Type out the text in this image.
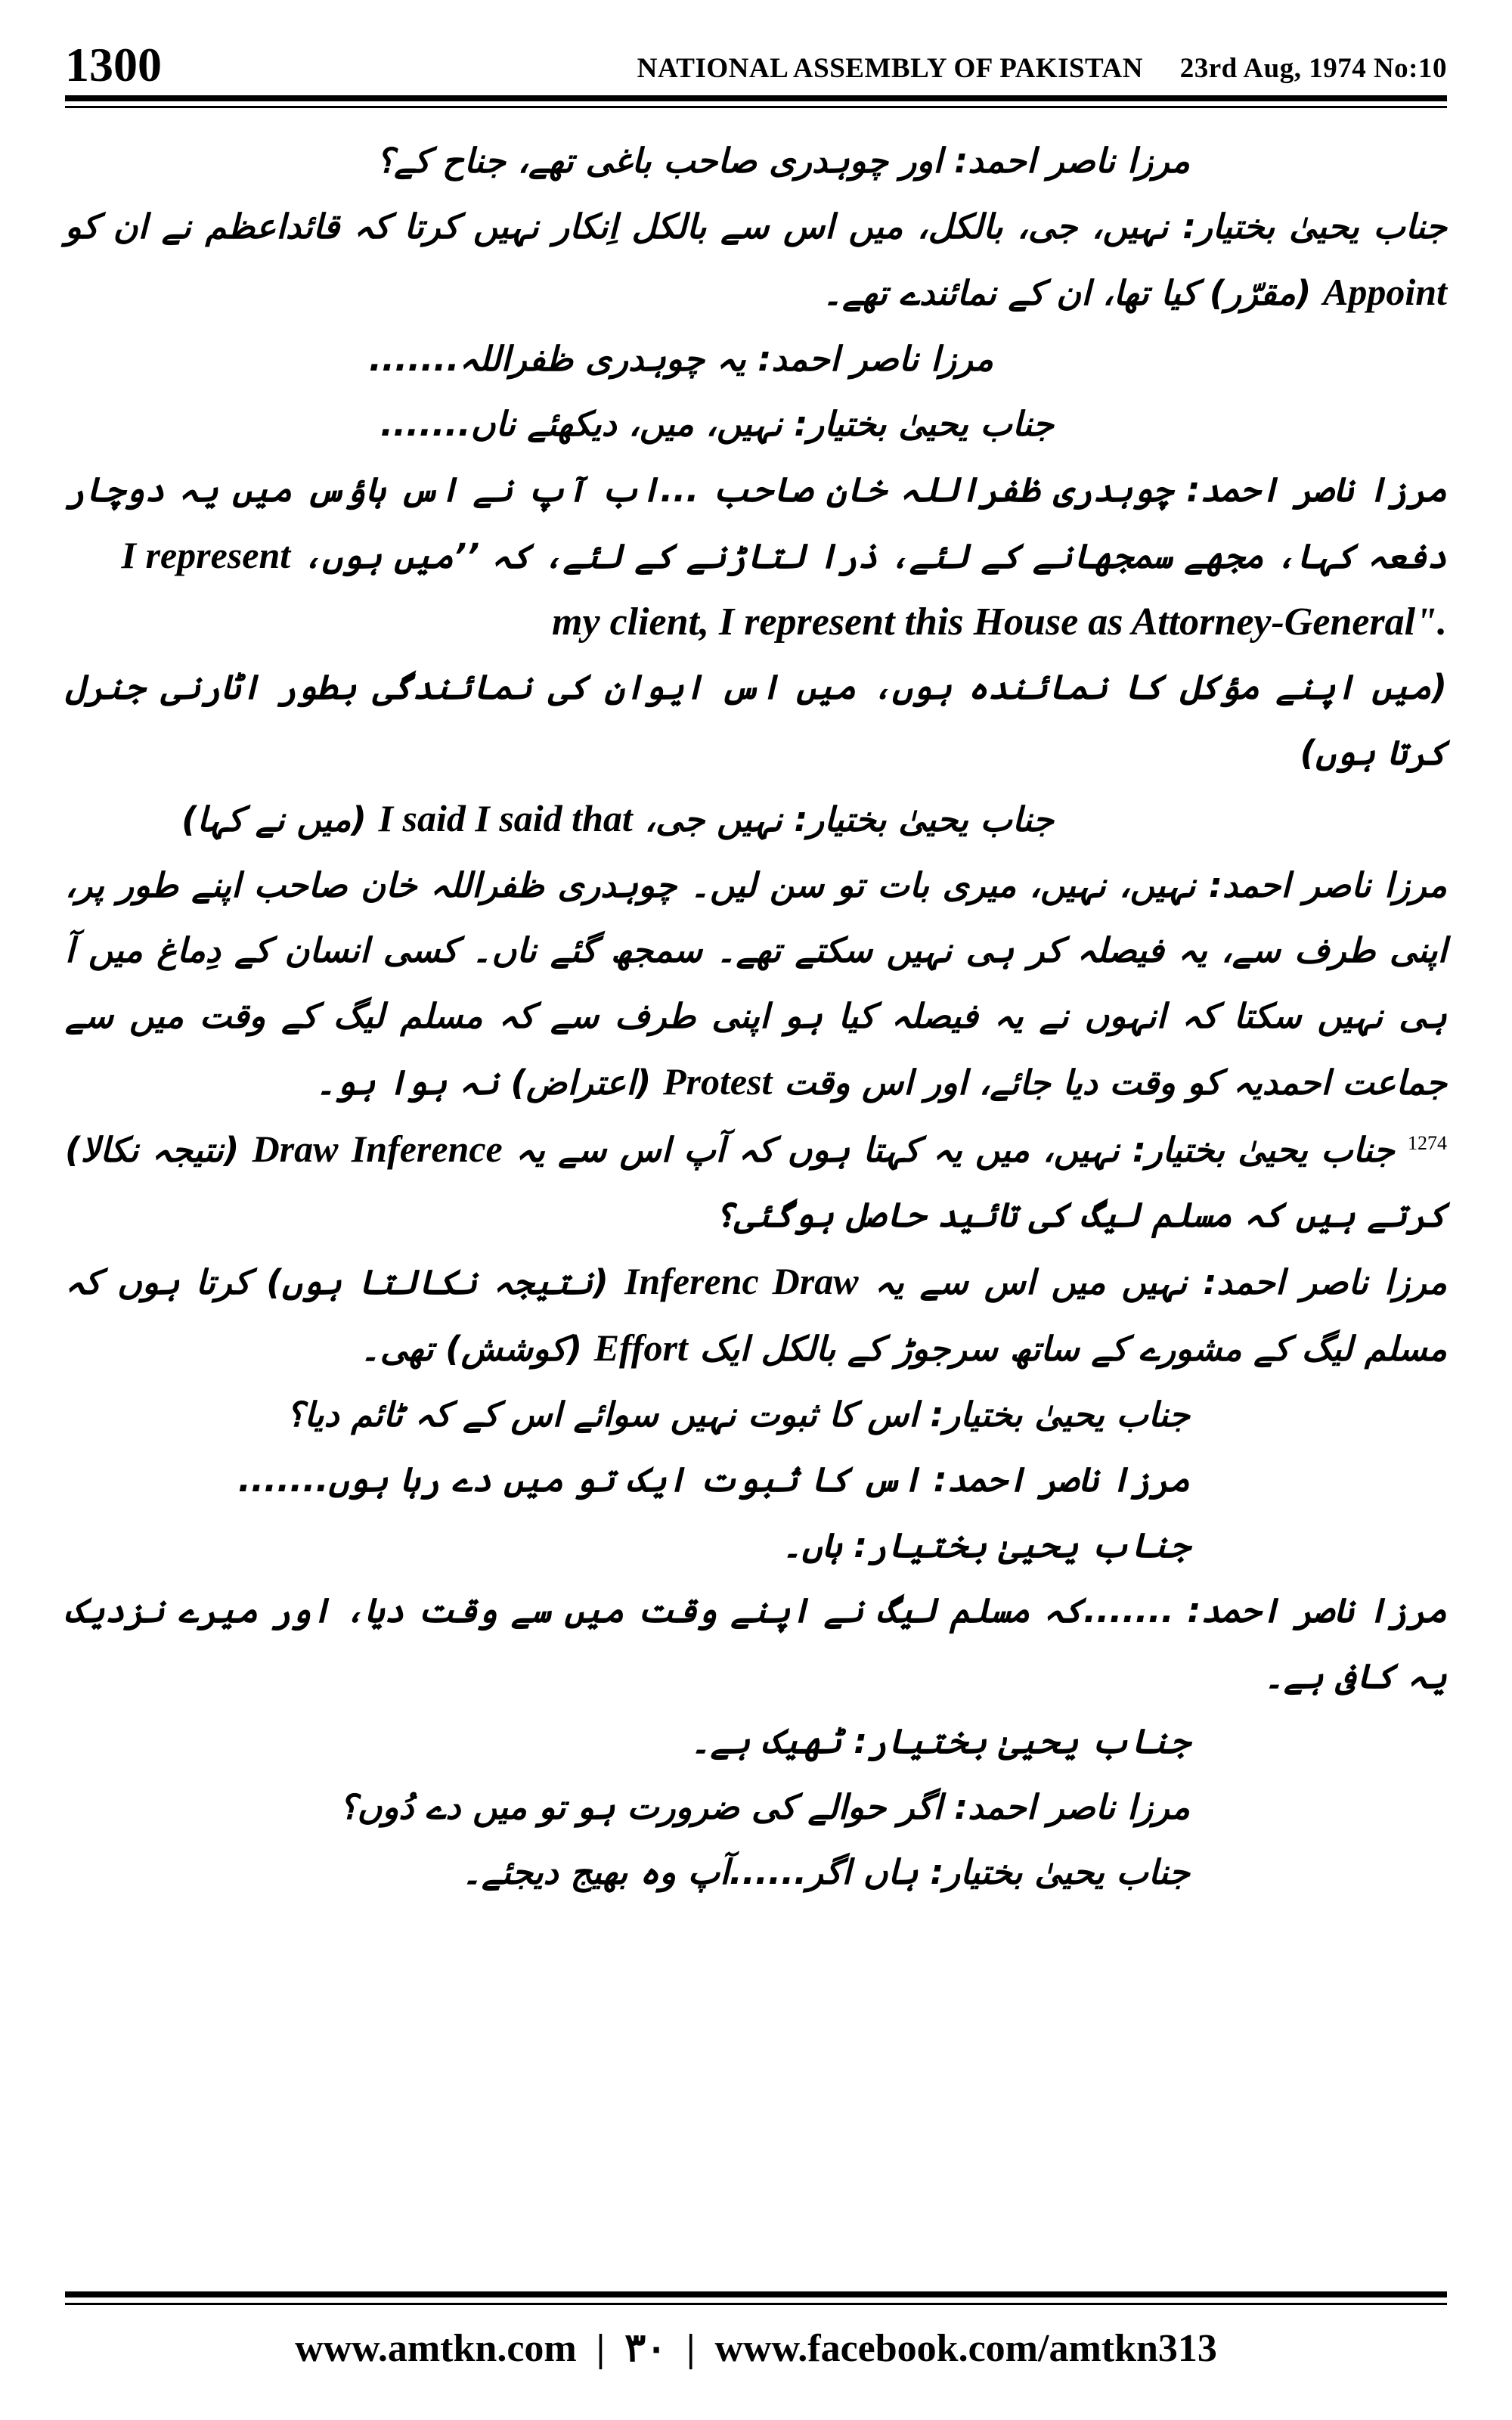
1300	NATIONAL ASSEMBLY OF PAKISTAN 23rd Aug, 1974 No:10

مرزا ناصر احمد: اور چوہدری صاحب باغی تھے، جناح کے؟

جناب یحییٰ بختیار: نہیں، جی، بالکل، میں اس سے بالکل اِنکار نہیں کرتا کہ قائداعظم نے ان کو Appoint (مقرّر) کیا تھا، ان کے نمائندے تھے۔

مرزا ناصر احمد: یہ چوہدری ظفراللہ.......

جناب یحییٰ بختیار: نہیں، میں، دیکھئے ناں.......

مرزا ناصر احمد: چوہدری ظفراللہ خان صاحب ...اب آپ نے اس ہاؤس میں یہ دوچار دفعہ کہا، مجھے سمجھانے کے لئے، ذرا لتاڑنے کے لئے، کہ ’’میں ہوں، I represent

my client, I represent this House as Attorney-General".

(میں اپنے مؤکل کا نمائندہ ہوں، میں اس ایوان کی نمائندگی بطور اٹارنی جنرل کرتا ہوں)

جناب یحییٰ بختیار: نہیں جی، I said I said that (میں نے کہا)

مرزا ناصر احمد: نہیں، نہیں، میری بات تو سن لیں۔ چوہدری ظفراللہ خان صاحب اپنے طور پر، اپنی طرف سے، یہ فیصلہ کر ہی نہیں سکتے تھے۔ سمجھ گئے ناں۔ کسی انسان کے دِماغ میں آ ہی نہیں سکتا کہ انہوں نے یہ فیصلہ کیا ہو اپنی طرف سے کہ مسلم لیگ کے وقت میں سے جماعت احمدیہ کو وقت دیا جائے، اور اس وقت Protest (اعتراض) نہ ہوا ہو۔

$^{1274}$ جناب یحییٰ بختیار: نہیں، میں یہ کہتا ہوں کہ آپ اس سے یہ Inference Draw (نتیجہ نکالا) کرتے ہیں کہ مسلم لیگ کی تائید حاصل ہوگئی؟

مرزا ناصر احمد: نہیں میں اس سے یہ Inferenc Draw (نتیجہ نکالتا ہوں) کرتا ہوں کہ مسلم لیگ کے مشورے کے ساتھ سرجوڑ کے بالکل ایک Effort (کوشش) تھی۔

جناب یحییٰ بختیار: اس کا ثبوت نہیں سوائے اس کے کہ ٹائم دیا؟

مرزا ناصر احمد: اس کا ثبوت ایک تو میں دے رہا ہوں.......

جناب یحییٰ بختیار: ہاں۔

مرزا ناصر احمد: .......کہ مسلم لیگ نے اپنے وقت میں سے وقت دیا، اور میرے نزدیک یہ کافی ہے۔

جناب یحییٰ بختیار: ٹھیک ہے۔

مرزا ناصر احمد: اگر حوالے کی ضرورت ہو تو میں دے دُوں؟

جناب یحییٰ بختیار: ہاں اگر......آپ وہ بھیج دیجئے۔

www.amtkn.com | ۳۰ | www.facebook.com/amtkn313
